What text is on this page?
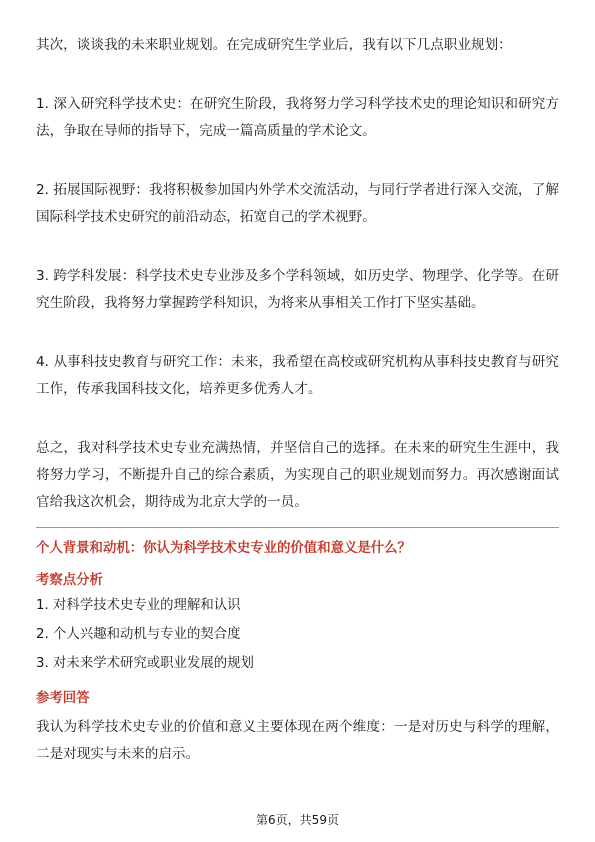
其次，谈谈我的未来职业规划。在完成研究生学业后，我有以下几点职业规划：

1. 深入研究科学技术史：在研究生阶段，我将努力学习科学技术史的理论知识和研究方法，争取在导师的指导下，完成一篇高质量的学术论文。

2. 拓展国际视野：我将积极参加国内外学术交流活动，与同行学者进行深入交流，了解国际科学技术史研究的前沿动态，拓宽自己的学术视野。

3. 跨学科发展：科学技术史专业涉及多个学科领域，如历史学、物理学、化学等。在研究生阶段，我将努力掌握跨学科知识，为将来从事相关工作打下坚实基础。

4. 从事科技史教育与研究工作：未来，我希望在高校或研究机构从事科技史教育与研究工作，传承我国科技文化，培养更多优秀人才。

总之，我对科学技术史专业充满热情，并坚信自己的选择。在未来的研究生生涯中，我将努力学习，不断提升自己的综合素质，为实现自己的职业规划而努力。再次感谢面试官给我这次机会，期待成为北京大学的一员。

个人背景和动机：你认为科学技术史专业的价值和意义是什么？

考察点分析

1. 对科学技术史专业的理解和认识

2. 个人兴趣和动机与专业的契合度

3. 对未来学术研究或职业发展的规划

参考回答

我认为科学技术史专业的价值和意义主要体现在两个维度：一是对历史与科学的理解，二是对现实与未来的启示。

第6页，共59页
